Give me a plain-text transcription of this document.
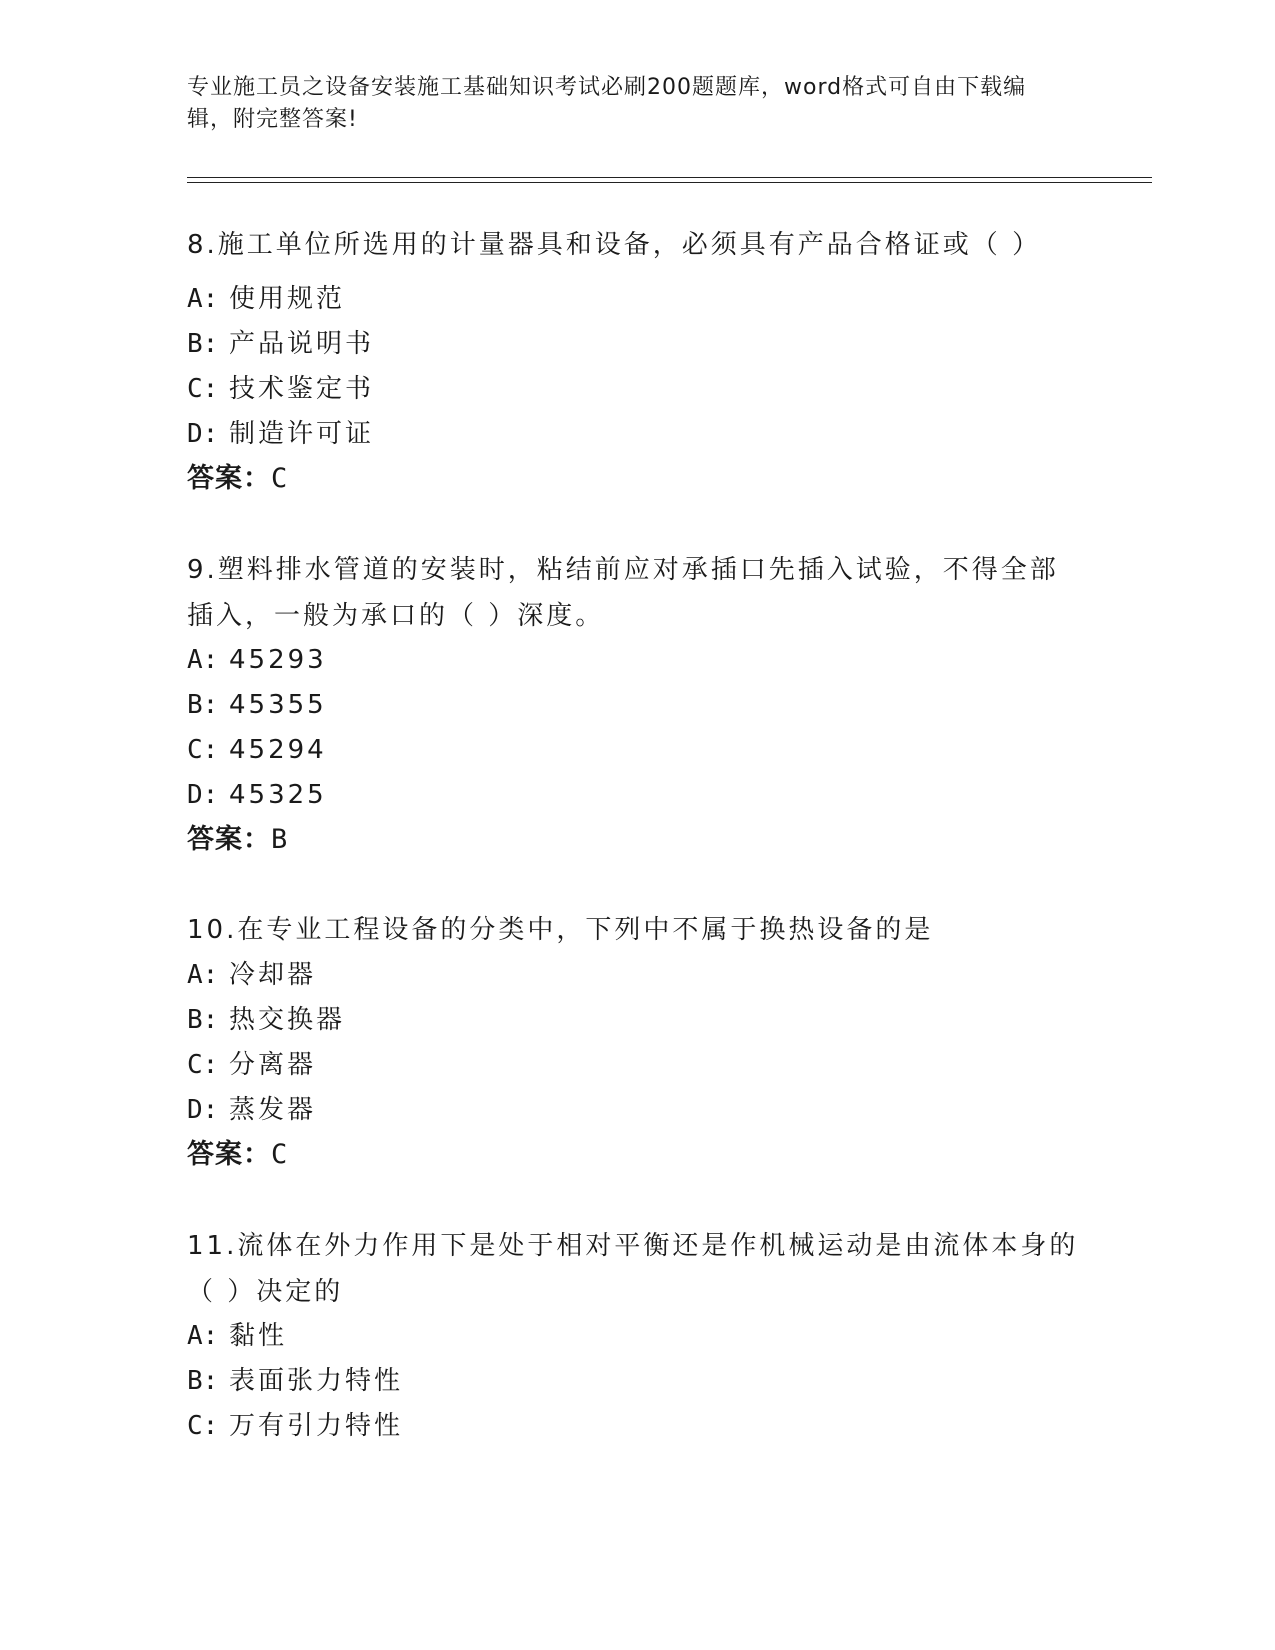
专业施工员之设备安装施工基础知识考试必刷200题题库，word格式可自由下载编辑，附完整答案!
8.施工单位所选用的计量器具和设备，必须具有产品合格证或（ ）
A: 使用规范
B: 产品说明书
C: 技术鉴定书
D: 制造许可证
答案：C
9.塑料排水管道的安装时，粘结前应对承插口先插入试验，不得全部插入，一般为承口的（ ）深度。
A: 45293
B: 45355
C: 45294
D: 45325
答案：B
10.在专业工程设备的分类中，下列中不属于换热设备的是
A: 冷却器
B: 热交换器
C: 分离器
D: 蒸发器
答案：C
11.流体在外力作用下是处于相对平衡还是作机械运动是由流体本身的（ ）决定的
A: 黏性
B: 表面张力特性
C: 万有引力特性
